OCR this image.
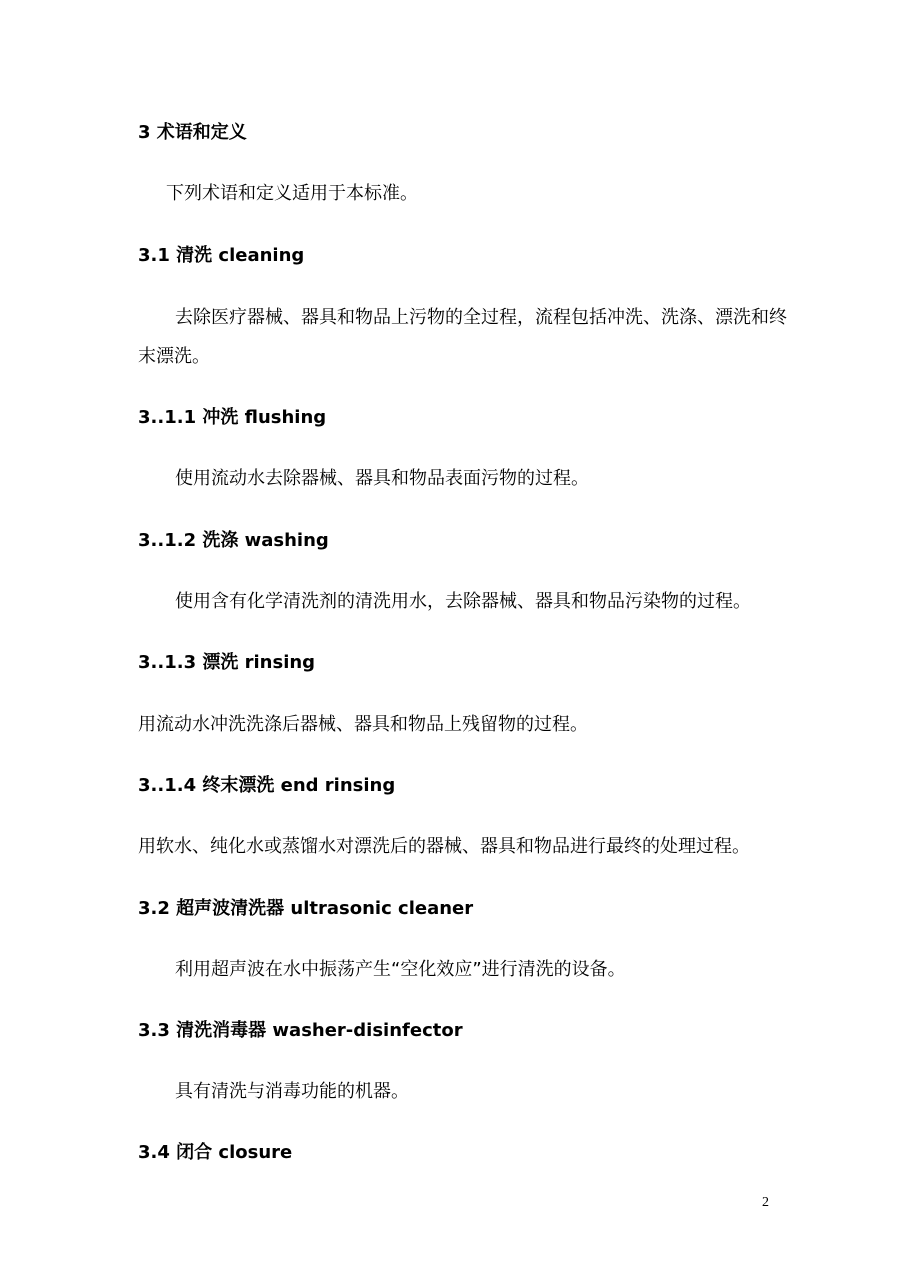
3 术语和定义
下列术语和定义适用于本标准。
3.1 清洗 cleaning
去除医疗器械、器具和物品上污物的全过程，流程包括冲洗、洗涤、漂洗和终
末漂洗。
3..1.1 冲洗 flushing
使用流动水去除器械、器具和物品表面污物的过程。
3..1.2 洗涤 washing
使用含有化学清洗剂的清洗用水，去除器械、器具和物品污染物的过程。
3..1.3 漂洗 rinsing
用流动水冲洗洗涤后器械、器具和物品上残留物的过程。
3..1.4 终末漂洗 end rinsing
用软水、纯化水或蒸馏水对漂洗后的器械、器具和物品进行最终的处理过程。
3.2 超声波清洗器 ultrasonic cleaner
利用超声波在水中振荡产生“空化效应”进行清洗的设备。
3.3 清洗消毒器 washer-disinfector
具有清洗与消毒功能的机器。
3.4 闭合 closure
2
